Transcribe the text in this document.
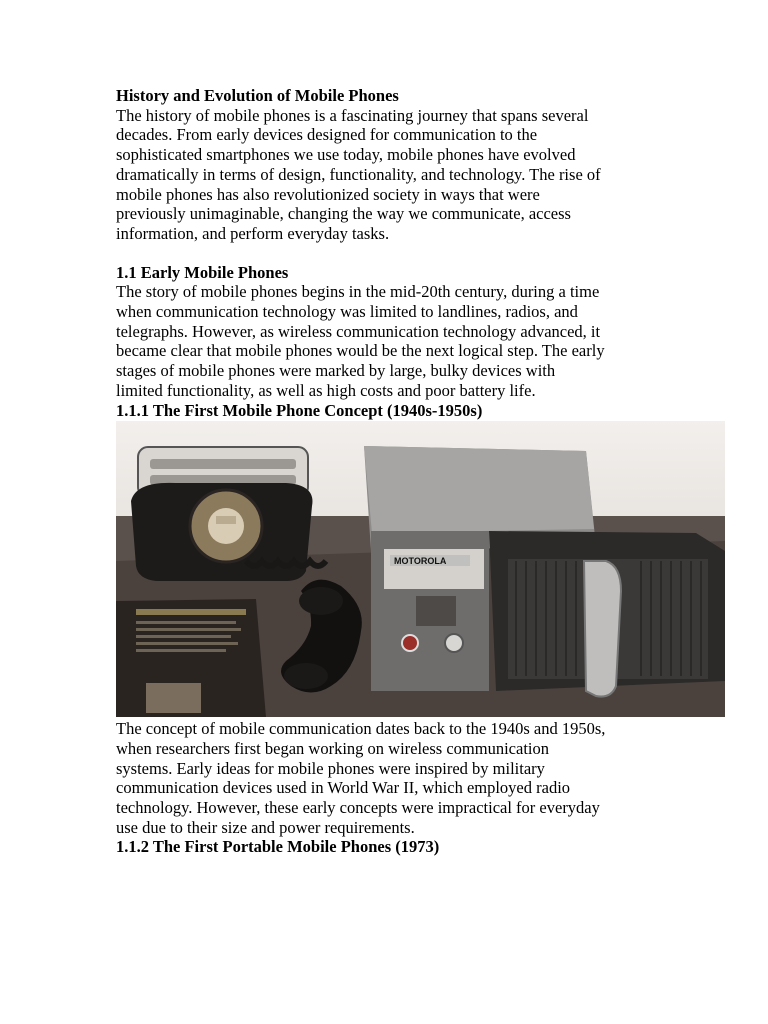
History and Evolution of Mobile Phones

The history of mobile phones is a fascinating journey that spans several

decades. From early devices designed for communication to the

sophisticated smartphones we use today, mobile phones have evolved

dramatically in terms of design, functionality, and technology. The rise of

mobile phones has also revolutionized society in ways that were

previously unimaginable, changing the way we communicate, access

information, and perform everyday tasks.

1.1 Early Mobile Phones

The story of mobile phones begins in the mid-20th century, during a time

when communication technology was limited to landlines, radios, and

telegraphs. However, as wireless communication technology advanced, it

became clear that mobile phones would be the next logical step. The early

stages of mobile phones were marked by large, bulky devices with

limited functionality, as well as high costs and poor battery life.

1.1.1 The First Mobile Phone Concept (1940s-1950s)

MOTOROLA

The concept of mobile communication dates back to the 1940s and 1950s,

when researchers first began working on wireless communication

systems. Early ideas for mobile phones were inspired by military

communication devices used in World War II, which employed radio

technology. However, these early concepts were impractical for everyday

use due to their size and power requirements.

1.1.2 The First Portable Mobile Phones (1973)
